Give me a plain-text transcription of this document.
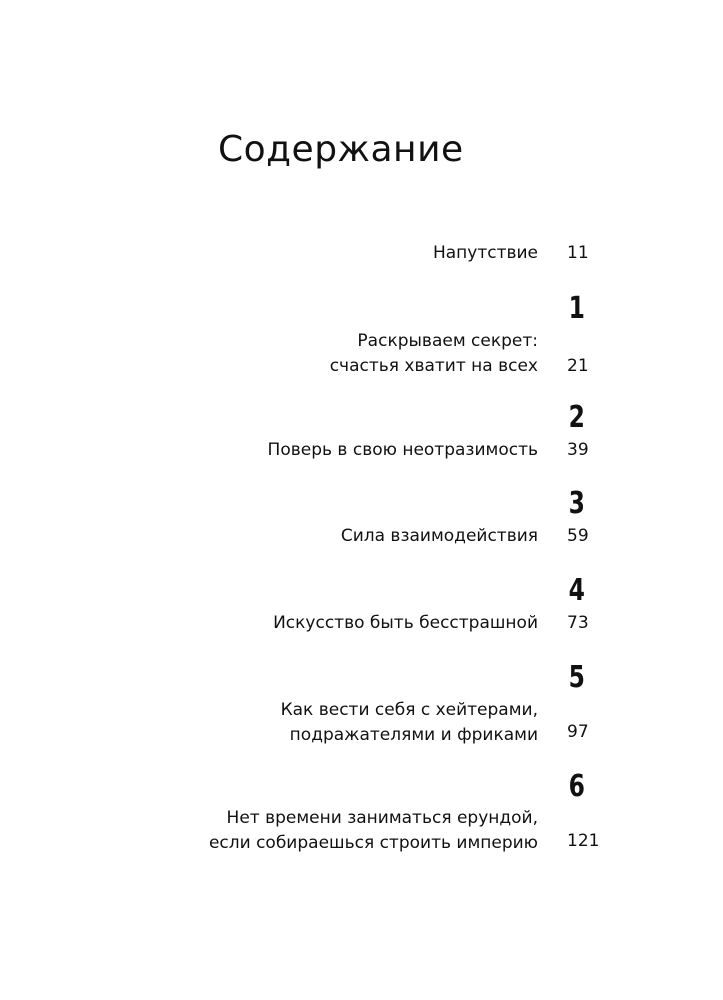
Содержание
Напутствие 11
1
Раскрываем секрет:
счастья хватит на всех 21
2
Поверь в свою неотразимость 39
3
Сила взаимодействия 59
4
Искусство быть бесстрашной 73
5
Как вести себя с хейтерами,
подражателями и фриками 97
6
Нет времени заниматься ерундой,
если собираешься строить империю 121
